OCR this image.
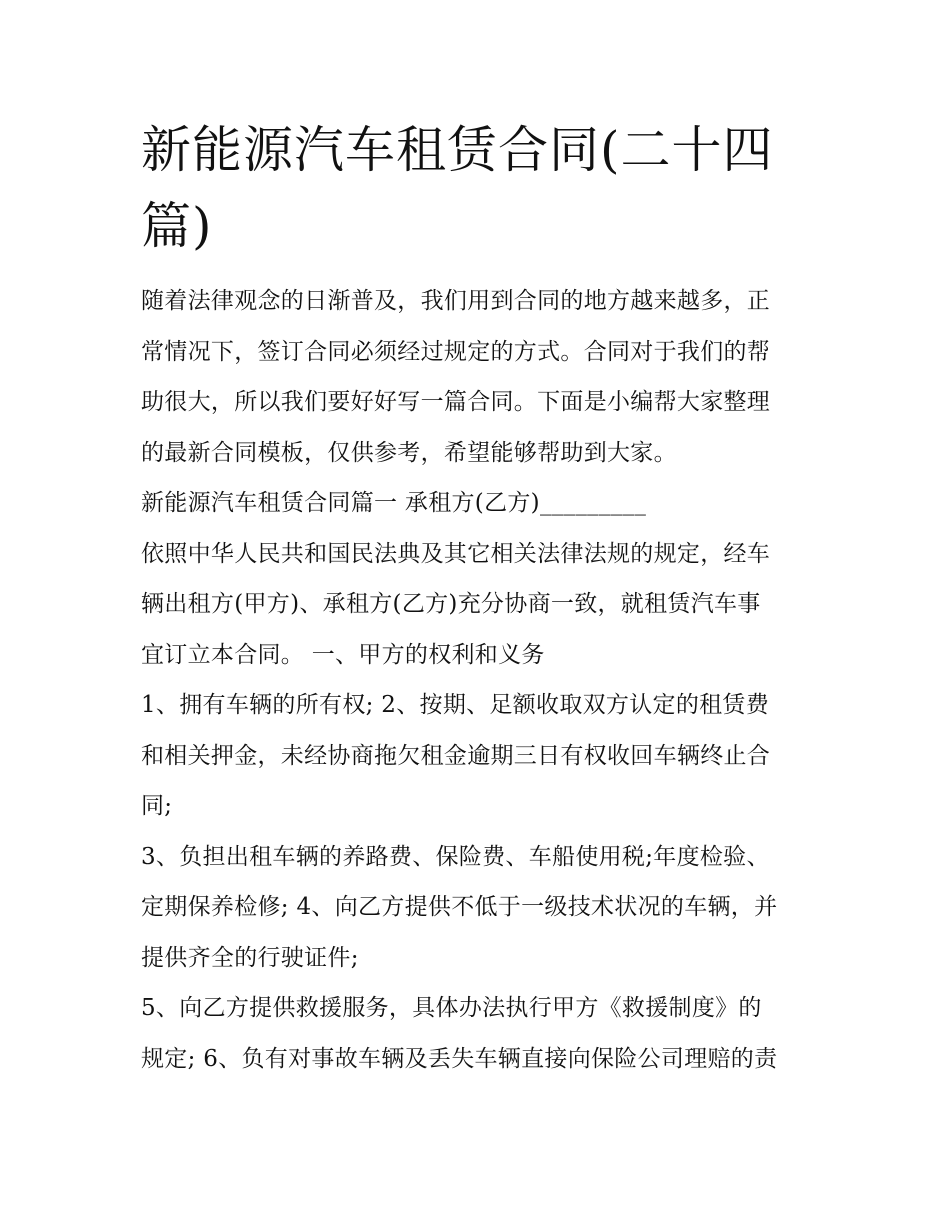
新能源汽车租赁合同(二十四
篇)

随着法律观念的日渐普及，我们用到合同的地方越来越多，正
常情况下，签订合同必须经过规定的方式。合同对于我们的帮
助很大，所以我们要好好写一篇合同。下面是小编帮大家整理
的最新合同模板，仅供参考，希望能够帮助到大家。

新能源汽车租赁合同篇一 承租方(乙方)_________

依照中华人民共和国民法典及其它相关法律法规的规定，经车
辆出租方(甲方)、承租方(乙方)充分协商一致，就租赁汽车事
宜订立本合同。 一、甲方的权利和义务

1、拥有车辆的所有权; 2、按期、足额收取双方认定的租赁费
和相关押金，未经协商拖欠租金逾期三日有权收回车辆终止合
同;

3、负担出租车辆的养路费、保险费、车船使用税;年度检验、
定期保养检修; 4、向乙方提供不低于一级技术状况的车辆，并
提供齐全的行驶证件;

5、向乙方提供救援服务，具体办法执行甲方《救援制度》的
规定; 6、负有对事故车辆及丢失车辆直接向保险公司理赔的责
